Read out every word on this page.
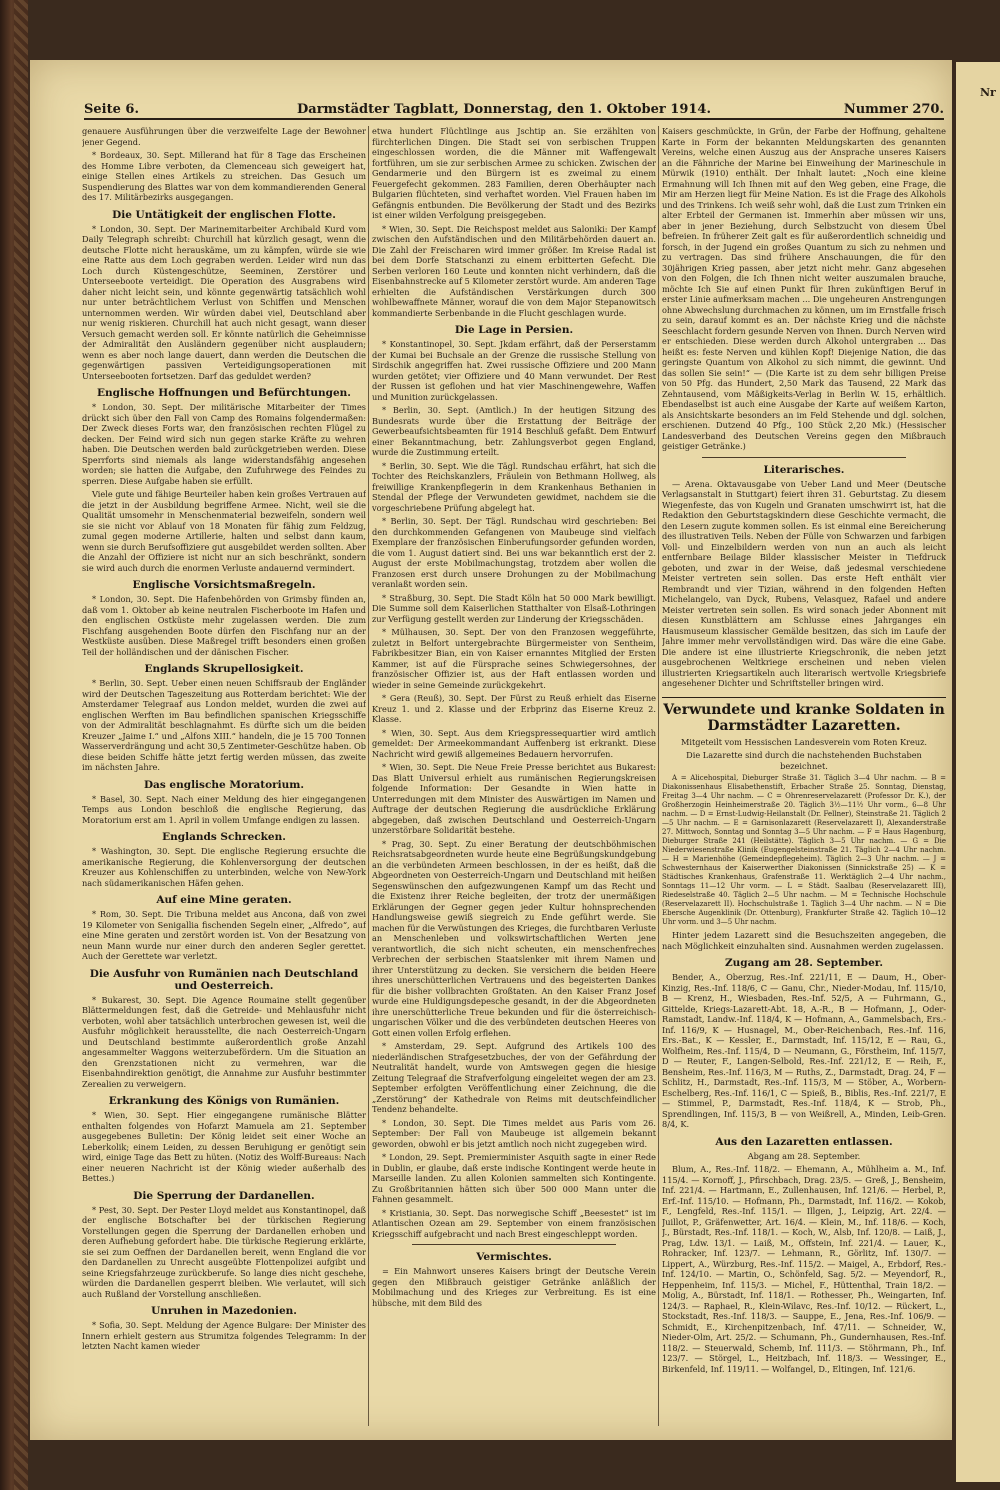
Nr
Seite 6.	Darmstädter Tagblatt, Donnerstag, den 1. Oktober 1914.	Nummer 270.

genauere Ausführungen über die verzweifelte Lage der Bewohner jener Gegend.

* Bordeaux, 30. Sept. Millerand hat für 8 Tage das Erscheinen des Homme Libre verboten, da Clemenceau sich geweigert hat, einige Stellen eines Artikels zu streichen. Das Gesuch um Suspendierung des Blattes war von dem kommandierenden General des 17. Militärbezirks ausgegangen.

Die Untätigkeit der englischen Flotte.

* London, 30. Sept. Der Marinemitarbeiter Archibald Kurd vom Daily Telegraph schreibt: Churchill hat kürzlich gesagt, wenn die deutsche Flotte nicht herauskäme, um zu kämpfen, würde sie wie eine Ratte aus dem Loch gegraben werden. Leider wird nun das Loch durch Küstengeschütze, Seeminen, Zerstörer und Unterseeboote verteidigt. Die Operation des Ausgrabens wird daher nicht leicht sein, und könnte gegenwärtig tatsächlich wohl nur unter beträchtlichem Verlust von Schiffen und Menschen unternommen werden. Wir würden dabei viel, Deutschland aber nur wenig riskieren. Churchill hat auch nicht gesagt, wann dieser Versuch gemacht werden soll. Er könnte natürlich die Geheimnisse der Admiralität den Ausländern gegenüber nicht ausplaudern; wenn es aber noch lange dauert, dann werden die Deutschen die gegenwärtigen passiven Verteidigungsoperationen mit Unterseebooten fortsetzen. Darf das geduldet werden?

Englische Hoffnungen und Befürchtungen.

* London, 30. Sept. Der militärische Mitarbeiter der Times drückt sich über den Fall von Camp des Romains folgendermaßen: Der Zweck dieses Forts war, den französischen rechten Flügel zu decken. Der Feind wird sich nun gegen starke Kräfte zu wehren haben. Die Deutschen werden bald zurückgetrieben werden. Diese Sperrforts sind niemals als lange widerstandsfähig angesehen worden; sie hatten die Aufgabe, den Zufuhrwege des Feindes zu sperren. Diese Aufgabe haben sie erfüllt.

Viele gute und fähige Beurteiler haben kein großes Vertrauen auf die jetzt in der Ausbildung begriffene Armee. Nicht, weil sie die Qualität umsomehr in Menschenmaterial bezweifeln, sondern weil sie sie nicht vor Ablauf von 18 Monaten für fähig zum Feldzug, zumal gegen moderne Artillerie, halten und selbst dann kaum, wenn sie durch Berufsoffiziere gut ausgebildet werden sollten. Aber die Anzahl der Offiziere ist nicht nur an sich beschränkt, sondern sie wird auch durch die enormen Verluste andauernd vermindert.

Englische Vorsichtsmaßregeln.

* London, 30. Sept. Die Hafenbehörden von Grimsby fünden an, daß vom 1. Oktober ab keine neutralen Fischerboote im Hafen und den englischen Ostküste mehr zugelassen werden. Die zum Fischfang ausgehenden Boote dürfen den Fischfang nur an der Westküste ausüben. Diese Maßregel trifft besonders einen großen Teil der holländischen und der dänischen Fischer.

Englands Skrupellosigkeit.

* Berlin, 30. Sept. Ueber einen neuen Schiffsraub der Engländer wird der Deutschen Tageszeitung aus Rotterdam berichtet: Wie der Amsterdamer Telegraaf aus London meldet, wurden die zwei auf englischen Werften im Bau befindlichen spanischen Kriegsschiffe von der Admiralität beschlagnahmt. Es dürfte sich um die beiden Kreuzer „Jaime I.“ und „Alfons XIII.“ handeln, die je 15 700 Tonnen Wasserverdrängung und acht 30,5 Zentimeter-Geschütze haben. Ob diese beiden Schiffe hätte jetzt fertig werden müssen, das zweite im nächsten Jahre.

Das englische Moratorium.

* Basel, 30. Sept. Nach einer Meldung des hier eingegangenen Temps aus London beschloß die englische Regierung, das Moratorium erst am 1. April in vollem Umfange endigen zu lassen.

Englands Schrecken.

* Washington, 30. Sept. Die englische Regierung ersuchte die amerikanische Regierung, die Kohlenversorgung der deutschen Kreuzer aus Kohlenschiffen zu unterbinden, welche von New-York nach südamerikanischen Häfen gehen.

Auf eine Mine geraten.

* Rom, 30. Sept. Die Tribuna meldet aus Ancona, daß von zwei 19 Kilometer von Senigallia fischenden Segeln einer, „Alfredo“, auf eine Mine geraten und zerstört worden ist. Von der Besatzung von neun Mann wurde nur einer durch den anderen Segler gerettet. Auch der Gerettete war verletzt.

Die Ausfuhr von Rumänien nach Deutschland und Oesterreich.

* Bukarest, 30. Sept. Die Agence Roumaine stellt gegenüber Blättermeldungen fest, daß die Getreide- und Mehlausfuhr nicht verboten, wohl aber tatsächlich unterbrochen gewesen ist, weil die Ausfuhr möglichkeit herausstellte, die nach Oesterreich-Ungarn und Deutschland bestimmte außerordentlich große Anzahl angesammelter Waggons weiterzubefördern. Um die Situation an den Grenzstationen nicht zu vermehren, war die Eisenbahndirektion genötigt, die Annahme zur Ausfuhr bestimmter Zerealien zu verweigern.

Erkrankung des Königs von Rumänien.

* Wien, 30. Sept. Hier eingegangene rumänische Blätter enthalten folgendes von Hofarzt Mamuela am 21. September ausgegebenes Bulletin: Der König leidet seit einer Woche an Leberkolik; einem Leiden, zu dessen Beruhigung er genötigt sein wird, einige Tage das Bett zu hüten. (Notiz des Wolff-Bureaus: Nach einer neueren Nachricht ist der König wieder außerhalb des Bettes.)

Die Sperrung der Dardanellen.

* Pest, 30. Sept. Der Pester Lloyd meldet aus Konstantinopel, daß der englische Botschafter bei der türkischen Regierung Vorstellungen gegen die Sperrung der Dardanellen erhoben und deren Aufhebung gefordert habe. Die türkische Regierung erklärte, sie sei zum Oeffnen der Dardanellen bereit, wenn England die vor den Dardanellen zu Unrecht ausgeübte Flottenpolizei aufgibt und seine Kriegsfahrzeuge zurückberufe. So lange dies nicht geschehe, würden die Dardanellen gesperrt bleiben. Wie verlautet, will sich auch Rußland der Vorstellung anschließen.

Unruhen in Mazedonien.

* Sofia, 30. Sept. Meldung der Agence Bulgare: Der Minister des Innern erhielt gestern aus Strumitza folgendes Telegramm: In der letzten Nacht kamen wieder

etwa hundert Flüchtlinge aus Jschtip an. Sie erzählten von fürchterlichen Dingen. Die Stadt sei von serbischen Truppen eingeschlossen worden, die die Männer mit Waffengewalt fortführen, um sie zur serbischen Armee zu schicken. Zwischen der Gendarmerie und den Bürgern ist es zweimal zu einem Feuergefecht gekommen. 283 Familien, deren Oberhäupter nach Bulgarien flüchteten, sind verhaftet worden. Viel Frauen haben im Gefängnis entbunden. Die Bevölkerung der Stadt und des Bezirks ist einer wilden Verfolgung preisgegeben.

* Wien, 30. Sept. Die Reichspost meldet aus Saloniki: Der Kampf zwischen den Aufständischen und den Militärbehörden dauert an. Die Zahl der Freischaren wird immer größer. Im Kreise Radal ist bei dem Dorfe Statschanzi zu einem erbitterten Gefecht. Die Serben verloren 160 Leute und konnten nicht verhindern, daß die Eisenbahnstrecke auf 5 Kilometer zerstört wurde. Am anderen Tage erhielten die Aufständischen Verstärkungen durch 300 wohlbewaffnete Männer, worauf die von dem Major Stepanowitsch kommandierte Serbenbande in die Flucht geschlagen wurde.

Die Lage in Persien.

* Konstantinopel, 30. Sept. Jkdam erfährt, daß der Perserstamm der Kumai bei Buchsale an der Grenze die russische Stellung von Sirdschik angegriffen hat. Zwei russische Offiziere und 200 Mann wurden getötet; vier Offiziere und 40 Mann verwundet. Der Rest der Russen ist geflohen und hat vier Maschinengewehre, Waffen und Munition zurückgelassen.

* Berlin, 30. Sept. (Amtlich.) In der heutigen Sitzung des Bundesrats wurde über die Erstattung der Beiträge der Gewerbeaufsichtsbeamten für 1914 Beschluß gefaßt. Dem Entwurf einer Bekanntmachung, betr. Zahlungsverbot gegen England, wurde die Zustimmung erteilt.

* Berlin, 30. Sept. Wie die Tägl. Rundschau erfährt, hat sich die Tochter des Reichskanzlers, Fräulein von Bethmann Hollweg, als freiwillige Krankenpflegerin in dem Krankenhaus Bethanien in Stendal der Pflege der Verwundeten gewidmet, nachdem sie die vorgeschriebene Prüfung abgelegt hat.

* Berlin, 30. Sept. Der Tägl. Rundschau wird geschrieben: Bei den durchkommenden Gefangenen von Maubeuge sind vielfach Exemplare der französischen Einberufungsorder gefunden worden, die vom 1. August datiert sind. Bei uns war bekanntlich erst der 2. August der erste Mobilmachungstag, trotzdem aber wollen die Franzosen erst durch unsere Drohungen zu der Mobilmachung veranlaßt worden sein.

* Straßburg, 30. Sept. Die Stadt Köln hat 50 000 Mark bewilligt. Die Summe soll dem Kaiserlichen Statthalter von Elsaß-Lothringen zur Verfügung gestellt werden zur Linderung der Kriegsschäden.

* Mülhausen, 30. Sept. Der von den Franzosen weggeführte, zuletzt in Belfort untergebrachte Bürgermeister von Sentheim, Fabrikbesitzer Bian, ein von Kaiser ernanntes Mitglied der Ersten Kammer, ist auf die Fürsprache seines Schwiegersohnes, der französischer Offizier ist, aus der Haft entlassen worden und wieder in seine Gemeinde zurückgekehrt.

* Gera (Reuß), 30. Sept. Der Fürst zu Reuß erhielt das Eiserne Kreuz 1. und 2. Klasse und der Erbprinz das Eiserne Kreuz 2. Klasse.

* Wien, 30. Sept. Aus dem Kriegspressequartier wird amtlich gemeldet: Der Armeekommandant Auffenberg ist erkrankt. Diese Nachricht wird gewiß allgemeines Bedauern hervorrufen.

* Wien, 30. Sept. Die Neue Freie Presse berichtet aus Bukarest: Das Blatt Universul erhielt aus rumänischen Regierungskreisen folgende Information: Der Gesandte in Wien hatte in Unterredungen mit dem Minister des Auswärtigen im Namen und Auftrage der deutschen Regierung die ausdrückliche Erklärung abgegeben, daß zwischen Deutschland und Oesterreich-Ungarn unzerstörbare Solidarität bestehe.

* Prag, 30. Sept. Zu einer Beratung der deutschböhmischen Reichsratsabgeordneten wurde heute eine Begrüßungskundgebung an die verbündeten Armeen beschlossen, in der es heißt, daß die Abgeordneten von Oesterreich-Ungarn und Deutschland mit heißen Segenswünschen den aufgezwungenen Kampf um das Recht und die Existenz ihrer Reiche begleiten, der trotz der unermäßigen Erklärungen der Gegner gegen jeder Kultur hohnsprechenden Handlungsweise gewiß siegreich zu Ende geführt werde. Sie machen für die Verwüstungen des Krieges, die furchtbaren Verluste an Menschenleben und volkswirtschaftlichen Werten jene verantwortlich, die sich nicht scheuten, ein menschenfreches Verbrechen der serbischen Staatslenker mit ihrem Namen und ihrer Unterstützung zu decken. Sie versichern die beiden Heere ihres unerschütterlichen Vertrauens und des begeisterten Dankes für die bisher vollbrachten Großtaten. An den Kaiser Franz Josef wurde eine Huldigungsdepesche gesandt, in der die Abgeordneten ihre unerschütterliche Treue bekunden und für die österreichisch-ungarischen Völker und die des verbündeten deutschen Heeres von Gott einen vollen Erfolg erflehen.

* Amsterdam, 29. Sept. Aufgrund des Artikels 100 des niederländischen Strafgesetzbuches, der von der Gefährdung der Neutralität handelt, wurde von Amtswegen gegen die hiesige Zeitung Telegraaf die Strafverfolgung eingeleitet wegen der am 23. September erfolgten Veröffentlichung einer Zeichnung, die die „Zerstörung“ der Kathedrale von Reims mit deutschfeindlicher Tendenz behandelte.

* London, 30. Sept. Die Times meldet aus Paris vom 26. September: Der Fall von Maubeuge ist allgemein bekannt geworden, obwohl er bis jetzt amtlich noch nicht zugegeben wird.

* London, 29. Sept. Premierminister Asquith sagte in einer Rede in Dublin, er glaube, daß erste indische Kontingent werde heute in Marseille landen. Zu allen Kolonien sammelten sich Kontingente. Zu Großbritannien hätten sich über 500 000 Mann unter die Fahnen gesammelt.

* Kristiania, 30. Sept. Das norwegische Schiff „Beesestet“ ist im Atlantischen Ozean am 29. September von einem französischen Kriegsschiff aufgebracht und nach Brest eingeschleppt worden.

Vermischtes.

= Ein Mahnwort unseres Kaisers bringt der Deutsche Verein gegen den Mißbrauch geistiger Getränke anläßlich der Mobilmachung und des Krieges zur Verbreitung. Es ist eine hübsche, mit dem Bild des

Kaisers geschmückte, in Grün, der Farbe der Hoffnung, gehaltene Karte in Form der bekannten Meldungskarten des genannten Vereins, welche einen Auszug aus der Ansprache unseres Kaisers an die Fähnriche der Marine bei Einweihung der Marineschule in Mürwik (1910) enthält. Der Inhalt lautet: „Noch eine kleine Ermahnung will Ich Ihnen mit auf den Weg geben, eine Frage, die Mir am Herzen liegt für Meine Nation. Es ist die Frage des Alkohols und des Trinkens. Ich weiß sehr wohl, daß die Lust zum Trinken ein alter Erbteil der Germanen ist. Immerhin aber müssen wir uns, aber in jener Beziehung, durch Selbstzucht von diesem Übel befreien. In früherer Zeit galt es für außerordentlich schneidig und forsch, in der Jugend ein großes Quantum zu sich zu nehmen und zu vertragen. Das sind frühere Anschauungen, die für den 30jährigen Krieg passen, aber jetzt nicht mehr. Ganz abgesehen von den Folgen, die Ich Ihnen nicht weiter auszumalen brauche, möchte Ich Sie auf einen Punkt für Ihren zukünftigen Beruf in erster Linie aufmerksam machen ... Die ungeheuren Anstrengungen ohne Abwechslung durchmachen zu können, um im Ernstfalle frisch zu sein, darauf kommt es an. Der nächste Krieg und die nächste Seeschlacht fordern gesunde Nerven von Ihnen. Durch Nerven wird er entschieden. Diese werden durch Alkohol untergraben ... Das heißt es: feste Nerven und kühlen Kopf! Diejenige Nation, die das geringste Quantum von Alkohol zu sich nimmt, die gewinnt. Und das sollen Sie sein!“ — (Die Karte ist zu dem sehr billigen Preise von 50 Pfg. das Hundert, 2,50 Mark das Tausend, 22 Mark das Zehntausend, vom Mäßigkeits-Verlag in Berlin W. 15, erhältlich. Ebendaselbst ist auch eine Ausgabe der Karte auf weißem Karton, als Ansichtskarte besonders an im Feld Stehende und dgl. solchen, erschienen. Dutzend 40 Pfg., 100 Stück 2,20 Mk.) (Hessischer Landesverband des Deutschen Vereins gegen den Mißbrauch geistiger Getränke.)

Literarisches.

— Arena. Oktavausgabe von Ueber Land und Meer (Deutsche Verlagsanstalt in Stuttgart) feiert ihren 31. Geburtstag. Zu diesem Wiegenfeste, das von Kugeln und Granaten umschwirrt ist, hat die Redaktion den Geburtstagskindern diese Geschichte vermacht, die den Lesern zugute kommen sollen. Es ist einmal eine Bereicherung des illustrativen Teils. Neben der Fülle von Schwarzen und farbigen Voll- und Einzelbildern werden von nun an auch als leicht entfernbare Beilage Bilder klassischer Meister in Tiefdruck geboten, und zwar in der Weise, daß jedesmal verschiedene Meister vertreten sein sollen. Das erste Heft enthält vier Rembrandt und vier Tizian, während in den folgenden Heften Michelangelo, van Dyck, Rubens, Velasquez, Rafael und andere Meister vertreten sein sollen. Es wird sonach jeder Abonnent mit diesen Kunstblättern am Schlusse eines Jahrganges ein Hausmuseum klassischer Gemälde besitzen, das sich im Laufe der Jahre immer mehr vervollständigen wird. Das wäre die eine Gabe. Die andere ist eine illustrierte Kriegschronik, die neben jetzt ausgebrochenen Weltkriege erscheinen und neben vielen illustrierten Kriegsartikeln auch literarisch wertvolle Kriegsbriefe angesehener Dichter und Schriftsteller bringen wird.

Verwundete und kranke Soldaten in Darmstädter Lazaretten.

Mitgeteilt vom Hessischen Landesverein vom Roten Kreuz.

Die Lazarette sind durch die nachstehenden Buchstaben bezeichnet.

A = Alicehospital, Dieburger Straße 31. Täglich 3—4 Uhr nachm. — B = Diakonissenhaus Elisabethenstift, Erbacher Straße 25. Sonntag, Dienstag, Freitag 3—4 Uhr nachm. — C = Ohrenreservelazarett (Professor Dr. K.), der Großherzogin Heinheimerstraße 20. Täglich 3½—11½ Uhr vorm., 6—8 Uhr nachm. — D = Ernst-Ludwig-Heilanstalt (Dr. Fellner), Steinstraße 21. Täglich 2—5 Uhr nachm. — E = Garnisonlazarett (Reservelazarett I), Alexanderstraße 27. Mittwoch, Sonntag und Sonntag 3—5 Uhr nachm. — F = Haus Hagenburg, Dieburger Straße 241 (Heilstätte). Täglich 3—5 Uhr nachm. — G = Die Niederwiesenstraße Klinik (Eugengelsteinstraße 21. Täglich 2—4 Uhr nachm. — H = Marienhöhe (Gemeindepflegeheim). Täglich 2—3 Uhr nachm. — J = Schwesternhaus der Kaiserwerther Diakonissen (Sinnickstraße 25) — K = Städtisches Krankenhaus, Grafenstraße 11. Werktäglich 2—4 Uhr nachm., Sonntags 11—12 Uhr vorm. — L = Städt. Saalbau (Reservelazarett III), Riedeselstraße 40. Täglich 2—5 Uhr nachm. — M = Technische Hochschule (Reservelazarett II). Hochschulstraße 1. Täglich 3—4 Uhr nachm. — N = Die Ebersche Augenklinik (Dr. Ottenburg), Frankfurter Straße 42. Täglich 10—12 Uhr vorm. und 3—5 Uhr nachm.

Hinter jedem Lazarett sind die Besuchszeiten angegeben, die nach Möglichkeit einzuhalten sind. Ausnahmen werden zugelassen.

Zugang am 28. September.

Bender, A., Oberzug, Res.-Inf. 221/11, E — Daum, H., Ober-Kinzig, Res.-Inf. 118/6, C — Ganu, Chr., Nieder-Modau, Inf. 115/10, B — Krenz, H., Wiesbaden, Res.-Inf. 52/5, A — Fuhrmann, G., Gittelde, Kriegs-Lazarett-Abt. 18, A.-R., B — Hofmann, J., Oder-Ramstadt, Landw.-Inf. 118/4, K — Hofmann, A., Gammelsbach, Ers.-Inf. 116/9, K — Husnagel, M., Ober-Reichenbach, Res.-Inf. 116, Ers.-Bat., K — Kessler, E., Darmstadt, Inf. 115/12, E — Rau, G., Wolfheim, Res.-Inf. 115/4, D — Neumann, G., Förstheim, Inf. 115/7, D — Reuter, F., Langen-Selbold, Res.-Inf. 221/12, E — Reih, F., Bensheim, Res.-Inf. 116/3, M — Ruths, Z., Darmstadt, Drag. 24, F — Schlitz, H., Darmstadt, Res.-Inf. 115/3, M — Stöber, A., Worbern-Eschelberg, Res.-Inf. 116/1, C — Spieß, B., Biblis, Res.-Inf. 221/7, E — Stimmel, P., Darmstadt, Res.-Inf. 118/4, K — Strob, Ph., Sprendlingen, Inf. 115/3, B — von Weißrell, A., Minden, Leib-Gren. 8/4, K.

Aus den Lazaretten entlassen.

Abgang am 28. September.

Blum, A., Res.-Inf. 118/2. — Ehemann, A., Mühlheim a. M., Inf. 115/4. — Kornoff, J., Pfirschbach, Drag. 23/5. — Greß, J., Bensheim, Inf. 221/4. — Hartmann, E., Zullenhausen, Inf. 121/6. — Herbel, P., Erf.-Inf. 115/10. — Hofmann, Ph., Darmstadt, Inf. 116/2. — Kokob, F., Lengfeld, Res.-Inf. 115/1. — Illgen, J., Leipzig, Art. 22/4. — Juillot, P., Gräfenwetter, Art. 16/4. — Klein, M., Inf. 118/6. — Koch, J., Bürstadt, Res.-Inf. 118/1. — Koch, W., Alsb, Inf. 120/8. — Laiß, J., Prag, Ldw. 13/1. — Laiß, M., Offstein, Inf. 221/4. — Lauer, K., Rohracker, Inf. 123/7. — Lehmann, R., Görlitz, Inf. 130/7. — Lippert, A., Würzburg, Res.-Inf. 115/2. — Maigel, A., Erbdorf, Res.-Inf. 124/10. — Martin, O., Schönfeld, Sag. 5/2. — Meyendorf, R., Heppenheim, Inf. 115/3. — Michel, F., Hüttenthal, Train 18/2. — Molig, A., Bürstadt, Inf. 118/1. — Rothesser, Ph., Weingarten, Inf. 124/3. — Raphael, R., Klein-Wilavc, Res.-Inf. 10/12. — Rückert, L., Stockstadt, Res.-Inf. 118/3. — Sauppe, E., Jena, Res.-Inf. 106/9. — Schmidt, E., Kirchenpitzenbach, Inf. 47/11. — Schneider, W., Nieder-Olm, Art. 25/2. — Schumann, Ph., Gundernhausen, Res.-Inf. 118/2. — Steuerwald, Schemb, Inf. 111/3. — Stöhrmann, Ph., Inf. 123/7. — Störgel, L., Heitzbach, Inf. 118/3. — Wessinger, E., Birkenfeld, Inf. 119/11. — Wolfangel, D., Eltingen, Inf. 121/6.
